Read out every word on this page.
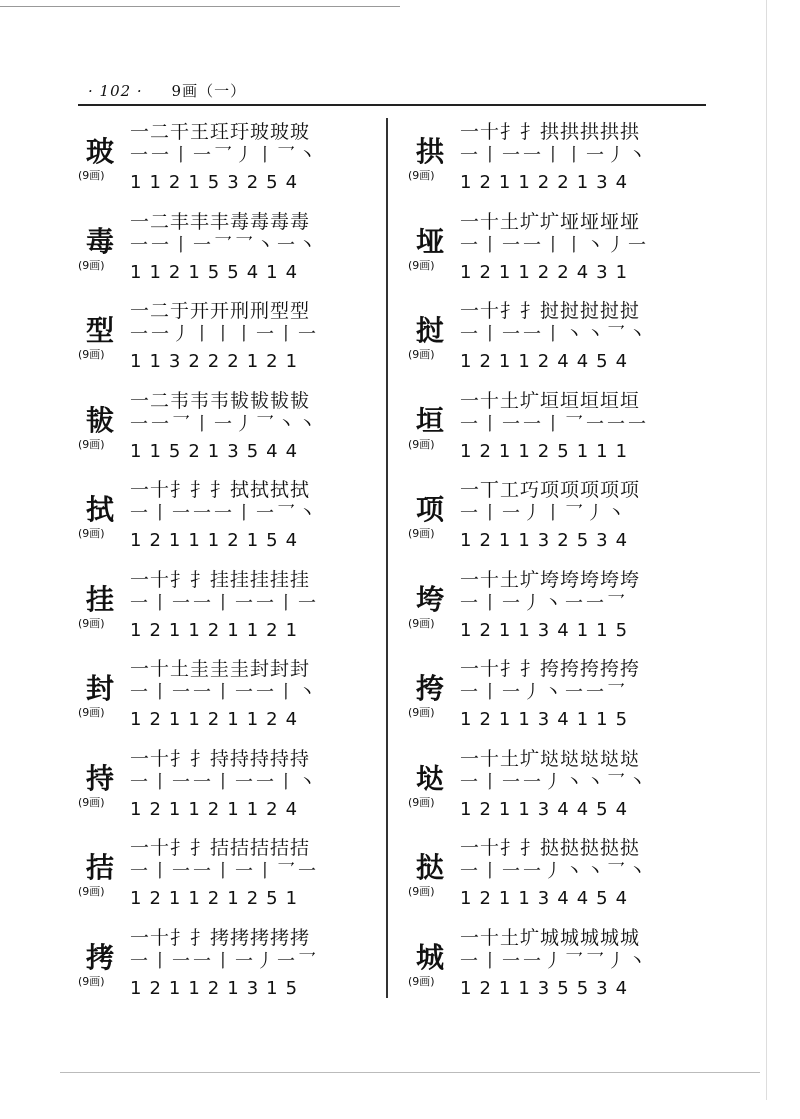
· 102 · 9画（一）
玻
(9画)
一二干王玨玗玻玻玻
一一丨一乛丿丨乛丶
112153254
毒
(9画)
一二丰丰丰毒毒毒毒
一一丨一乛乛丶一丶
112155414
型
(9画)
一二于开开刑刑型型
一一丿丨丨丨一丨一
113222121
韨
(9画)
一二韦韦韦韨韨韨韨
一一乛丨一丿乛丶丶
115213544
拭
(9画)
一十扌扌扌拭拭拭拭
一丨一一一丨一乛丶
121112154
挂
(9画)
一十扌扌挂挂挂挂挂
一丨一一丨一一丨一
121121121
封
(9画)
一十土圭圭圭封封封
一丨一一丨一一丨丶
121121124
持
(9画)
一十扌扌持持持持持
一丨一一丨一一丨丶
121121124
拮
(9画)
一十扌扌拮拮拮拮拮
一丨一一丨一丨乛一
121121251
拷
(9画)
一十扌扌拷拷拷拷拷
一丨一一丨一丿一乛
121121315
拱
(9画)
一十扌扌拱拱拱拱拱
一丨一一丨丨一丿丶
121122134
垭
(9画)
一十土圹圹垭垭垭垭
一丨一一丨丨丶丿一
121122431
挝
(9画)
一十扌扌挝挝挝挝挝
一丨一一丨丶丶乛丶
121124454
垣
(9画)
一十土圹垣垣垣垣垣
一丨一一丨乛一一一
121125111
项
(9画)
一丅工巧项项项项项
一丨一丿丨乛丿丶
121132534
垮
(9画)
一十土圹垮垮垮垮垮
一丨一丿丶一一乛
121134115
挎
(9画)
一十扌扌挎挎挎挎挎
一丨一丿丶一一乛
121134115
垯
(9画)
一十土圹垯垯垯垯垯
一丨一一丿丶丶乛丶
121134454
挞
(9画)
一十扌扌挞挞挞挞挞
一丨一一丿丶丶乛丶
121134454
城
(9画)
一十土圹城城城城城
一丨一一丿乛乛丿丶
121135534
